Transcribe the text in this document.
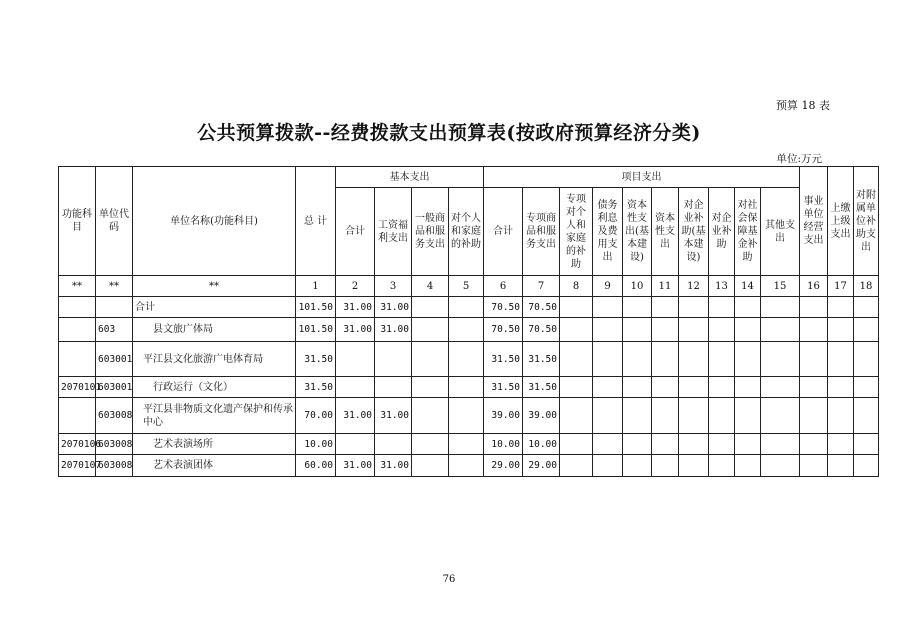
预算 18 表
公共预算拨款--经费拨款支出预算表(按政府预算经济分类)
单位:万元
功能科目	单位代码	单位名称(功能科目)	总 计	基本支出				项目支出										事业单位经营支出	上缴上级支出	对附属单位补助支出
				合计	工资福利支出	一般商品和服务支出	对个人和家庭的补助	合计	专项商品和服务支出	专项对个人和家庭的补助	债务利息及费用支出	资本性支出(基本建设)	资本性支出	对企业补助(基本建设)	对企业补助	对社会保障基金补助	其他支出			
**	**	**	1	2	3	4	5	6	7	8	9	10	11	12	13	14	15	16	17	18
		合计	101.50	31.00	31.00			70.50	70.50											
	603	县文旅广体局	101.50	31.00	31.00			70.50	70.50											
	603001	平江县文化旅游广电体育局	31.50					31.50	31.50											
2070101	603001	行政运行（文化）	31.50					31.50	31.50											
	603008	平江县非物质文化遗产保护和传承中心	70.00	31.00	31.00			39.00	39.00											
2070106	603008	艺术表演场所	10.00					10.00	10.00											
2070107	603008	艺术表演团体	60.00	31.00	31.00			29.00	29.00											
76
